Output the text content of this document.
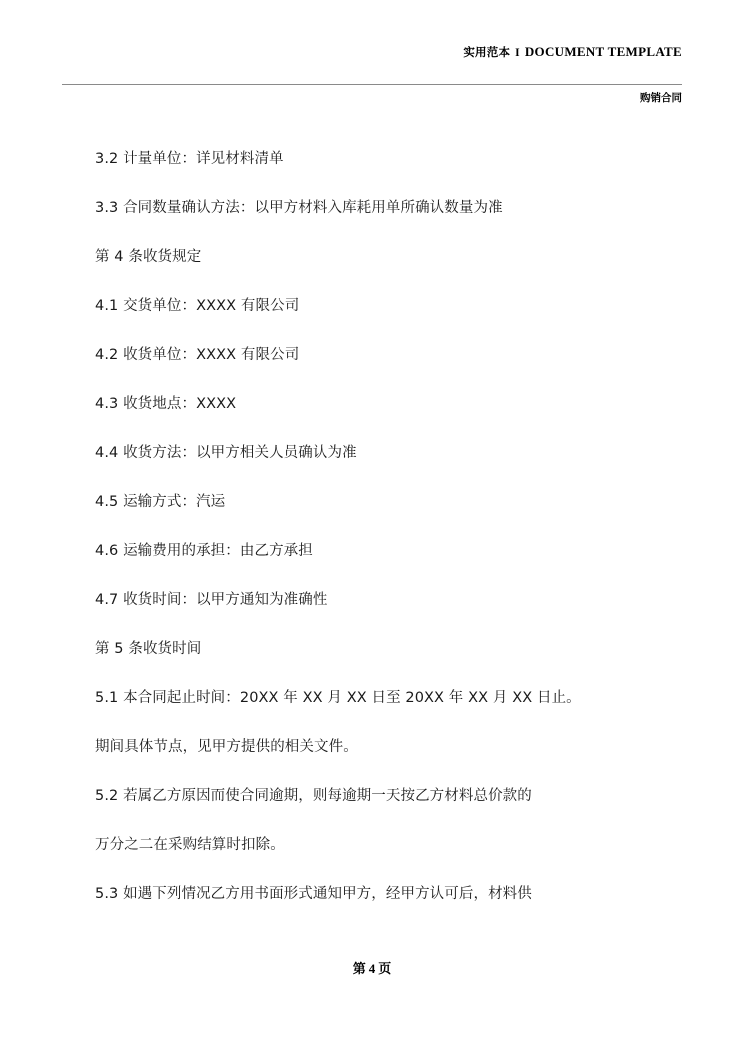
实用范本 I DOCUMENT TEMPLATE
购销合同
3.2 计量单位：详见材料清单
3.3 合同数量确认方法：以甲方材料入库耗用单所确认数量为准
第 4 条收货规定
4.1 交货单位：XXXX 有限公司
4.2 收货单位：XXXX 有限公司
4.3 收货地点：XXXX
4.4 收货方法：以甲方相关人员确认为准
4.5 运输方式：汽运
4.6 运输费用的承担：由乙方承担
4.7 收货时间：以甲方通知为准确性
第 5 条收货时间
5.1 本合同起止时间：20XX 年 XX 月 XX 日至 20XX 年 XX 月 XX 日止。
期间具体节点，见甲方提供的相关文件。
5.2 若属乙方原因而使合同逾期，则每逾期一天按乙方材料总价款的
万分之二在采购结算时扣除。
5.3 如遇下列情况乙方用书面形式通知甲方，经甲方认可后，材料供
第 4 页
